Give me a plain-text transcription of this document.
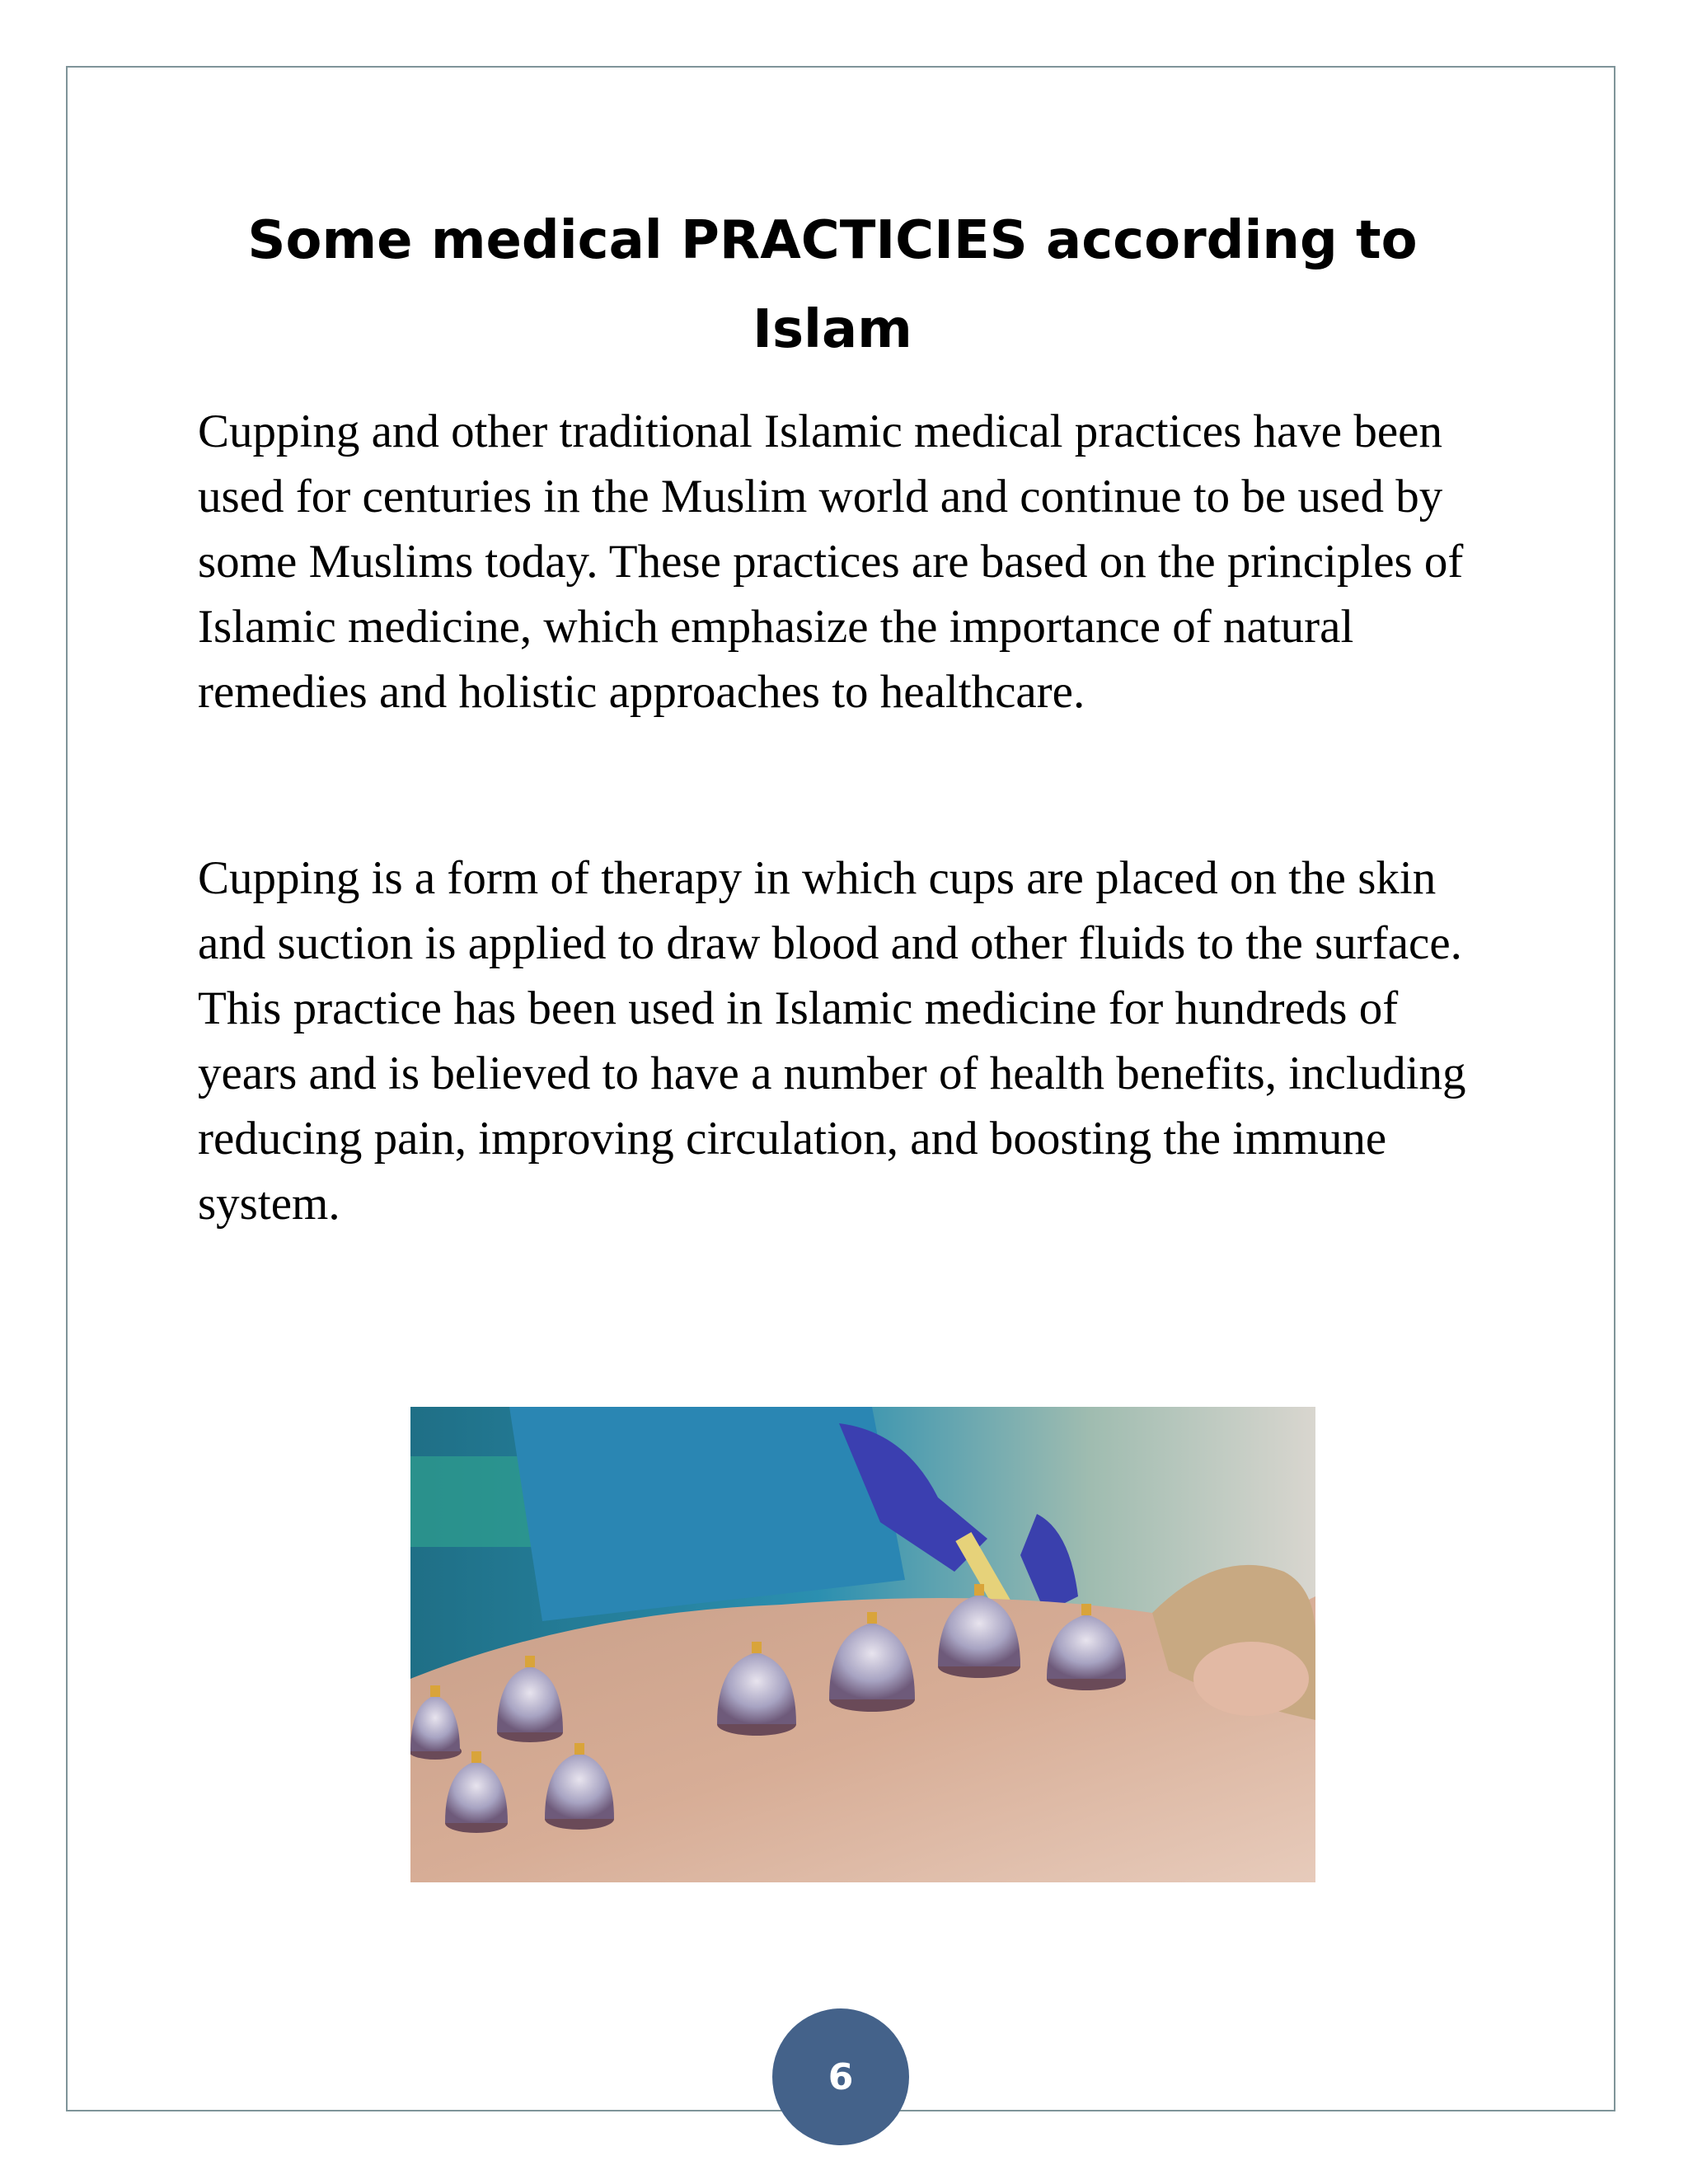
Some medical PRACTICIES according to Islam

Cupping and other traditional Islamic medical practices have been used for centuries in the Muslim world and continue to be used by some Muslims today. These practices are based on the principles of Islamic medicine, which emphasize the importance of natural remedies and holistic approaches to healthcare.

Cupping is a form of therapy in which cups are placed on the skin and suction is applied to draw blood and other fluids to the surface. This practice has been used in Islamic medicine for hundreds of years and is believed to have a number of health benefits, including reducing pain, improving circulation, and boosting the immune system.

6
